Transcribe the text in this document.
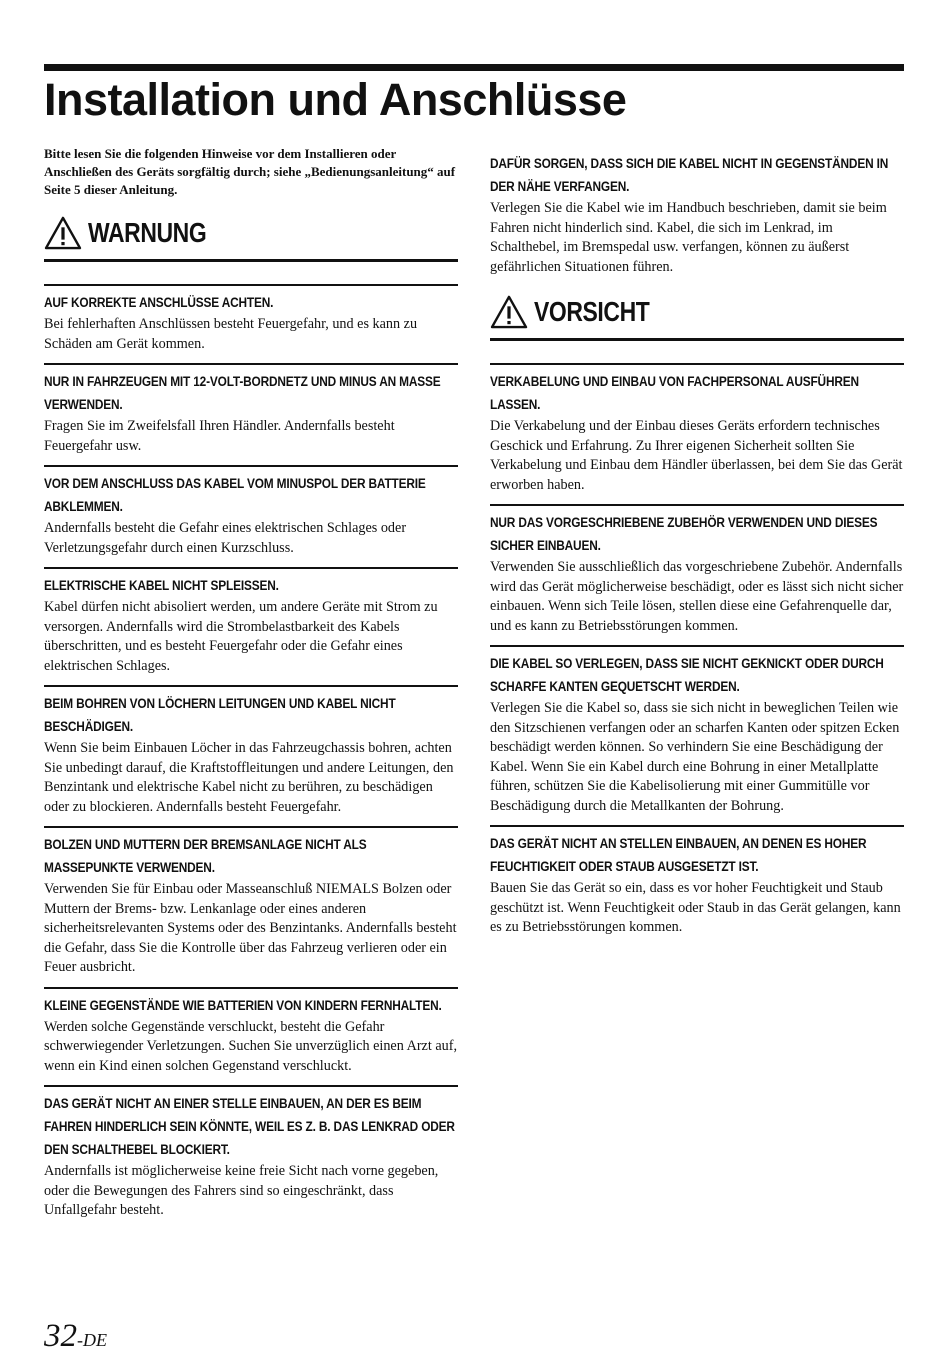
Installation und Anschlüsse

Bitte lesen Sie die folgenden Hinweise vor dem Installieren oder Anschließen des Geräts sorgfältig durch; siehe „Bedienungsanleitung“ auf Seite 5 dieser Anleitung.

WARNUNG
AUF KORREKTE ANSCHLÜSSE ACHTEN.

Bei fehlerhaften Anschlüssen besteht Feuergefahr, und es kann zu Schäden am Gerät kommen.

NUR IN FAHRZEUGEN MIT 12-VOLT-BORDNETZ UND MINUS AN MASSE VERWENDEN.

Fragen Sie im Zweifelsfall Ihren Händler. Andernfalls besteht Feuergefahr usw.

VOR DEM ANSCHLUSS DAS KABEL VOM MINUSPOL DER BATTERIE ABKLEMMEN.

Andernfalls besteht die Gefahr eines elektrischen Schlages oder Verletzungsgefahr durch einen Kurzschluss.

ELEKTRISCHE KABEL NICHT SPLEISSEN.

Kabel dürfen nicht abisoliert werden, um andere Geräte mit Strom zu versorgen. Andernfalls wird die Strombelastbarkeit des Kabels überschritten, und es besteht Feuergefahr oder die Gefahr eines elektrischen Schlages.

BEIM BOHREN VON LÖCHERN LEITUNGEN UND KABEL NICHT BESCHÄDIGEN.

Wenn Sie beim Einbauen Löcher in das Fahrzeugchassis bohren, achten Sie unbedingt darauf, die Kraftstoffleitungen und andere Leitungen, den Benzintank und elektrische Kabel nicht zu berühren, zu beschädigen oder zu blockieren. Andernfalls besteht Feuergefahr.

BOLZEN UND MUTTERN DER BREMSANLAGE NICHT ALS MASSEPUNKTE VERWENDEN.

Verwenden Sie für Einbau oder Masseanschluß NIEMALS Bolzen oder Muttern der Brems- bzw. Lenkanlage oder eines anderen sicherheitsrelevanten Systems oder des Benzintanks. Andernfalls besteht die Gefahr, dass Sie die Kontrolle über das Fahrzeug verlieren oder ein Feuer ausbricht.

KLEINE GEGENSTÄNDE WIE BATTERIEN VON KINDERN FERNHALTEN.

Werden solche Gegenstände verschluckt, besteht die Gefahr schwerwiegender Verletzungen. Suchen Sie unverzüglich einen Arzt auf, wenn ein Kind einen solchen Gegenstand verschluckt.

DAS GERÄT NICHT AN EINER STELLE EINBAUEN, AN DER ES BEIM FAHREN HINDERLICH SEIN KÖNNTE, WEIL ES Z. B. DAS LENKRAD ODER DEN SCHALTHEBEL BLOCKIERT.

Andernfalls ist möglicherweise keine freie Sicht nach vorne gegeben, oder die Bewegungen des Fahrers sind so eingeschränkt, dass Unfallgefahr besteht.

DAFÜR SORGEN, DASS SICH DIE KABEL NICHT IN GEGENSTÄNDEN IN DER NÄHE VERFANGEN.

Verlegen Sie die Kabel wie im Handbuch beschrieben, damit sie beim Fahren nicht hinderlich sind. Kabel, die sich im Lenkrad, im Schalthebel, im Bremspedal usw. verfangen, können zu äußerst gefährlichen Situationen führen.

VORSICHT
VERKABELUNG UND EINBAU VON FACHPERSONAL AUSFÜHREN LASSEN.

Die Verkabelung und der Einbau dieses Geräts erfordern technisches Geschick und Erfahrung. Zu Ihrer eigenen Sicherheit sollten Sie Verkabelung und Einbau dem Händler überlassen, bei dem Sie das Gerät erworben haben.

NUR DAS VORGESCHRIEBENE ZUBEHÖR VERWENDEN UND DIESES SICHER EINBAUEN.

Verwenden Sie ausschließlich das vorgeschriebene Zubehör. Andernfalls wird das Gerät möglicherweise beschädigt, oder es lässt sich nicht sicher einbauen. Wenn sich Teile lösen, stellen diese eine Gefahrenquelle dar, und es kann zu Betriebsstörungen kommen.

DIE KABEL SO VERLEGEN, DASS SIE NICHT GEKNICKT ODER DURCH SCHARFE KANTEN GEQUETSCHT WERDEN.

Verlegen Sie die Kabel so, dass sie sich nicht in beweglichen Teilen wie den Sitzschienen verfangen oder an scharfen Kanten oder spitzen Ecken beschädigt werden können. So verhindern Sie eine Beschädigung der Kabel. Wenn Sie ein Kabel durch eine Bohrung in einer Metallplatte führen, schützen Sie die Kabelisolierung mit einer Gummitülle vor Beschädigung durch die Metallkanten der Bohrung.

DAS GERÄT NICHT AN STELLEN EINBAUEN, AN DENEN ES HOHER FEUCHTIGKEIT ODER STAUB AUSGESETZT IST.

Bauen Sie das Gerät so ein, dass es vor hoher Feuchtigkeit und Staub geschützt ist. Wenn Feuchtigkeit oder Staub in das Gerät gelangen, kann es zu Betriebsstörungen kommen.

32-DE
